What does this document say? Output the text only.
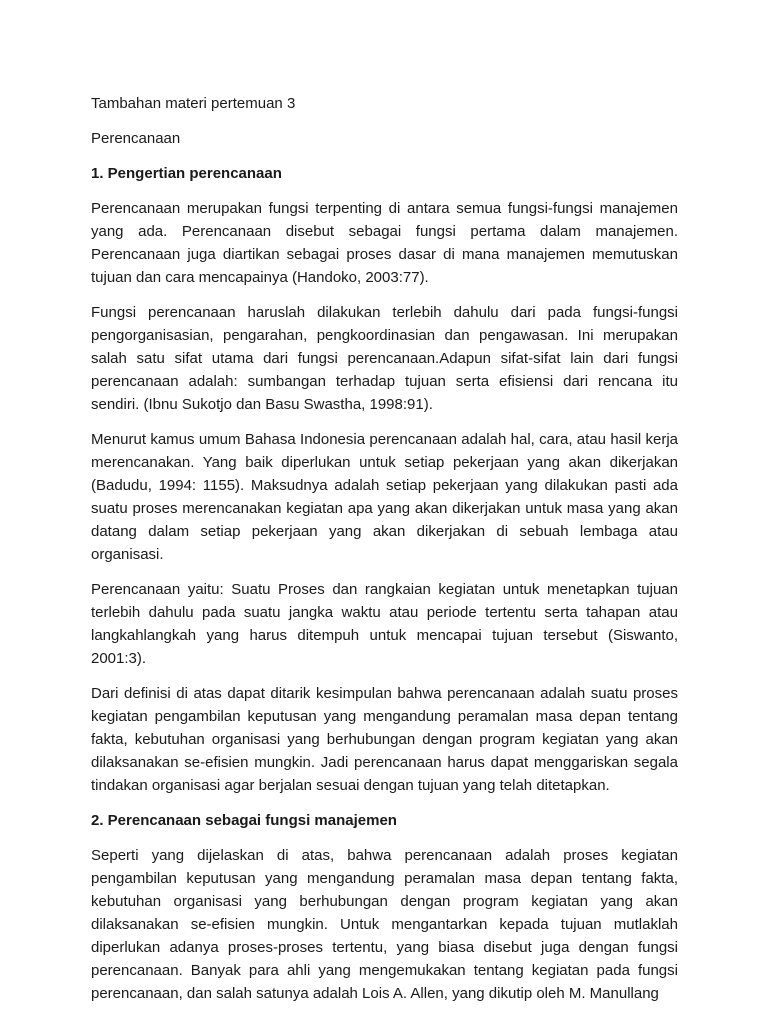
Tambahan materi pertemuan 3
Perencanaan
1. Pengertian perencanaan

Perencanaan merupakan fungsi terpenting di antara semua fungsi-fungsi manajemen yang ada. Perencanaan disebut sebagai fungsi pertama dalam manajemen. Perencanaan juga diartikan sebagai proses dasar di mana manajemen memutuskan tujuan dan cara mencapainya (Handoko, 2003:77).

Fungsi perencanaan haruslah dilakukan terlebih dahulu dari pada fungsi-fungsi pengorganisasian, pengarahan, pengkoordinasian dan pengawasan. Ini merupakan salah satu sifat utama dari fungsi perencanaan.Adapun sifat-sifat lain dari fungsi perencanaan adalah: sumbangan terhadap tujuan serta efisiensi dari rencana itu sendiri. (Ibnu Sukotjo dan Basu Swastha, 1998:91).

Menurut kamus umum Bahasa Indonesia perencanaan adalah hal, cara, atau hasil kerja merencanakan. Yang baik diperlukan untuk setiap pekerjaan yang akan dikerjakan (Badudu, 1994: 1155). Maksudnya adalah setiap pekerjaan yang dilakukan pasti ada suatu proses merencanakan kegiatan apa yang akan dikerjakan untuk masa yang akan datang dalam setiap pekerjaan yang akan dikerjakan di sebuah lembaga atau organisasi.

Perencanaan yaitu: Suatu Proses dan rangkaian kegiatan untuk menetapkan tujuan terlebih dahulu pada suatu jangka waktu atau periode tertentu serta tahapan atau langkahlangkah yang harus ditempuh untuk mencapai tujuan tersebut (Siswanto, 2001:3).

Dari definisi di atas dapat ditarik kesimpulan bahwa perencanaan adalah suatu proses kegiatan pengambilan keputusan yang mengandung peramalan masa depan tentang fakta, kebutuhan organisasi yang berhubungan dengan program kegiatan yang akan dilaksanakan se-efisien mungkin. Jadi perencanaan harus dapat menggariskan segala tindakan organisasi agar berjalan sesuai dengan tujuan yang telah ditetapkan.

2. Perencanaan sebagai fungsi manajemen

Seperti yang dijelaskan di atas, bahwa perencanaan adalah proses kegiatan pengambilan keputusan yang mengandung peramalan masa depan tentang fakta, kebutuhan organisasi yang berhubungan dengan program kegiatan yang akan dilaksanakan se-efisien mungkin. Untuk mengantarkan kepada tujuan mutlaklah diperlukan adanya proses-proses tertentu, yang biasa disebut juga dengan fungsi perencanaan. Banyak para ahli yang mengemukakan tentang kegiatan pada fungsi perencanaan, dan salah satunya adalah Lois A. Allen, yang dikutip oleh M. Manullang
